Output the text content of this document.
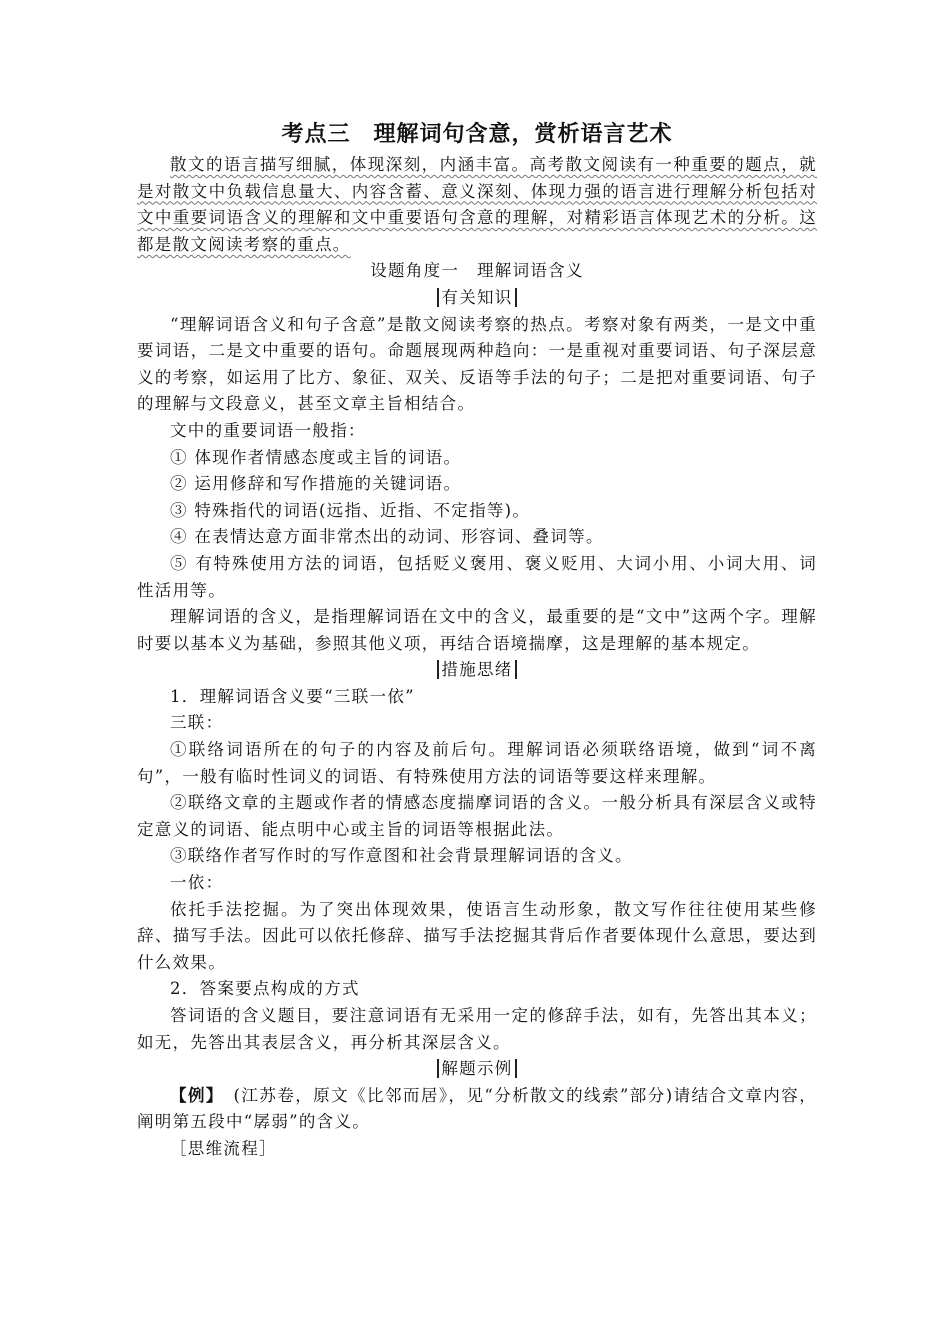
考点三　理解词句含意，赏析语言艺术

散文的语言描写细腻，体现深刻，内涵丰富。高考散文阅读有一种重要的题点，就是对散文中负载信息量大、内容含蓄、意义深刻、体现力强的语言进行理解分析包括对文中重要词语含义的理解和文中重要语句含意的理解，对精彩语言体现艺术的分析。这都是散文阅读考察的重点。

设题角度一　理解词语含义

有关知识

“理解词语含义和句子含意”是散文阅读考察的热点。考察对象有两类，一是文中重要词语，二是文中重要的语句。命题展现两种趋向：一是重视对重要词语、句子深层意义的考察，如运用了比方、象征、双关、反语等手法的句子；二是把对重要词语、句子的理解与文段意义，甚至文章主旨相结合。

文中的重要词语一般指：

① 体现作者情感态度或主旨的词语。

② 运用修辞和写作措施的关键词语。

③ 特殊指代的词语(远指、近指、不定指等)。

④ 在表情达意方面非常杰出的动词、形容词、叠词等。

⑤ 有特殊使用方法的词语，包括贬义褒用、褒义贬用、大词小用、小词大用、词性活用等。

理解词语的含义，是指理解词语在文中的含义，最重要的是“文中”这两个字。理解时要以基本义为基础，参照其他义项，再结合语境揣摩，这是理解的基本规定。

措施思绪

1．理解词语含义要“三联一依”

三联：

①联络词语所在的句子的内容及前后句。理解词语必须联络语境，做到“词不离句”，一般有临时性词义的词语、有特殊使用方法的词语等要这样来理解。

②联络文章的主题或作者的情感态度揣摩词语的含义。一般分析具有深层含义或特定意义的词语、能点明中心或主旨的词语等根据此法。

③联络作者写作时的写作意图和社会背景理解词语的含义。

一依：

依托手法挖掘。为了突出体现效果，使语言生动形象，散文写作往往使用某些修辞、描写手法。因此可以依托修辞、描写手法挖掘其背后作者要体现什么意思，要达到什么效果。

2．答案要点构成的方式

答词语的含义题目，要注意词语有无采用一定的修辞手法，如有，先答出其本义；如无，先答出其表层含义，再分析其深层含义。

解题示例

【例】　(江苏卷，原文《比邻而居》，见“分析散文的线索”部分)请结合文章内容，阐明第五段中“孱弱”的含义。

［思维流程］
